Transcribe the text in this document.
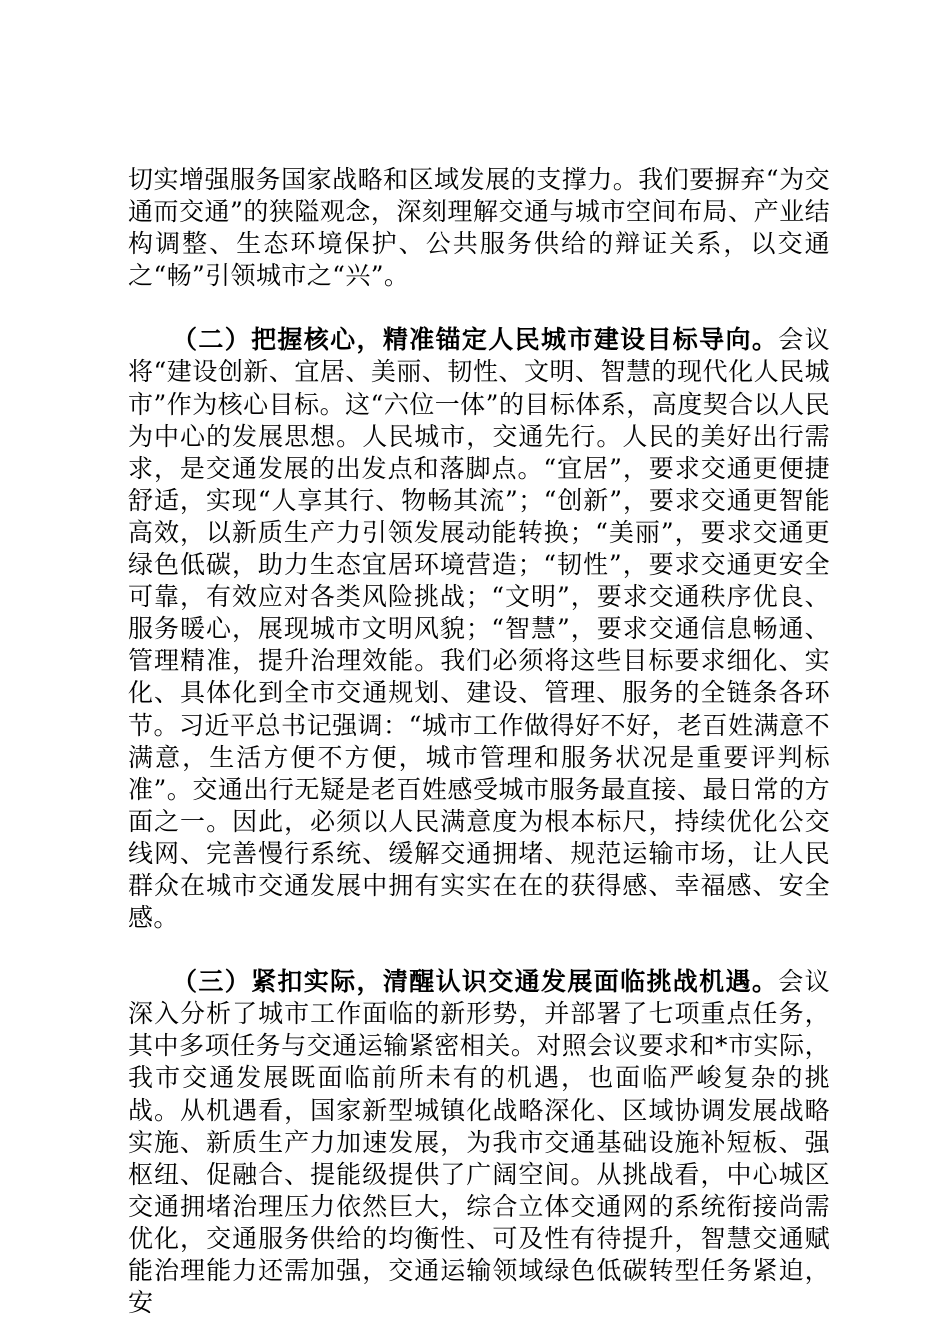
切实增强服务国家战略和区域发展的支撑力。我们要摒弃“为交通而交通”的狭隘观念，深刻理解交通与城市空间布局、产业结构调整、生态环境保护、公共服务供给的辩证关系，以交通之“畅”引领城市之“兴”。

（二）把握核心，精准锚定人民城市建设目标导向。会议将“建设创新、宜居、美丽、韧性、文明、智慧的现代化人民城市”作为核心目标。这“六位一体”的目标体系，高度契合以人民为中心的发展思想。人民城市，交通先行。人民的美好出行需求，是交通发展的出发点和落脚点。“宜居”，要求交通更便捷舒适，实现“人享其行、物畅其流”；“创新”，要求交通更智能高效，以新质生产力引领发展动能转换；“美丽”，要求交通更绿色低碳，助力生态宜居环境营造；“韧性”，要求交通更安全可靠，有效应对各类风险挑战；“文明”，要求交通秩序优良、服务暖心，展现城市文明风貌；“智慧”，要求交通信息畅通、管理精准，提升治理效能。我们必须将这些目标要求细化、实化、具体化到全市交通规划、建设、管理、服务的全链条各环节。习近平总书记强调：“城市工作做得好不好，老百姓满意不满意，生活方便不方便，城市管理和服务状况是重要评判标准”。交通出行无疑是老百姓感受城市服务最直接、最日常的方面之一。因此，必须以人民满意度为根本标尺，持续优化公交线网、完善慢行系统、缓解交通拥堵、规范运输市场，让人民群众在城市交通发展中拥有实实在在的获得感、幸福感、安全感。

（三）紧扣实际，清醒认识交通发展面临挑战机遇。会议深入分析了城市工作面临的新形势，并部署了七项重点任务，其中多项任务与交通运输紧密相关。对照会议要求和*市实际，我市交通发展既面临前所未有的机遇，也面临严峻复杂的挑战。从机遇看，国家新型城镇化战略深化、区域协调发展战略实施、新质生产力加速发展，为我市交通基础设施补短板、强枢纽、促融合、提能级提供了广阔空间。从挑战看，中心城区交通拥堵治理压力依然巨大，综合立体交通网的系统衔接尚需优化，交通服务供给的均衡性、可及性有待提升，智慧交通赋能治理能力还需加强，交通运输领域绿色低碳转型任务紧迫，安
